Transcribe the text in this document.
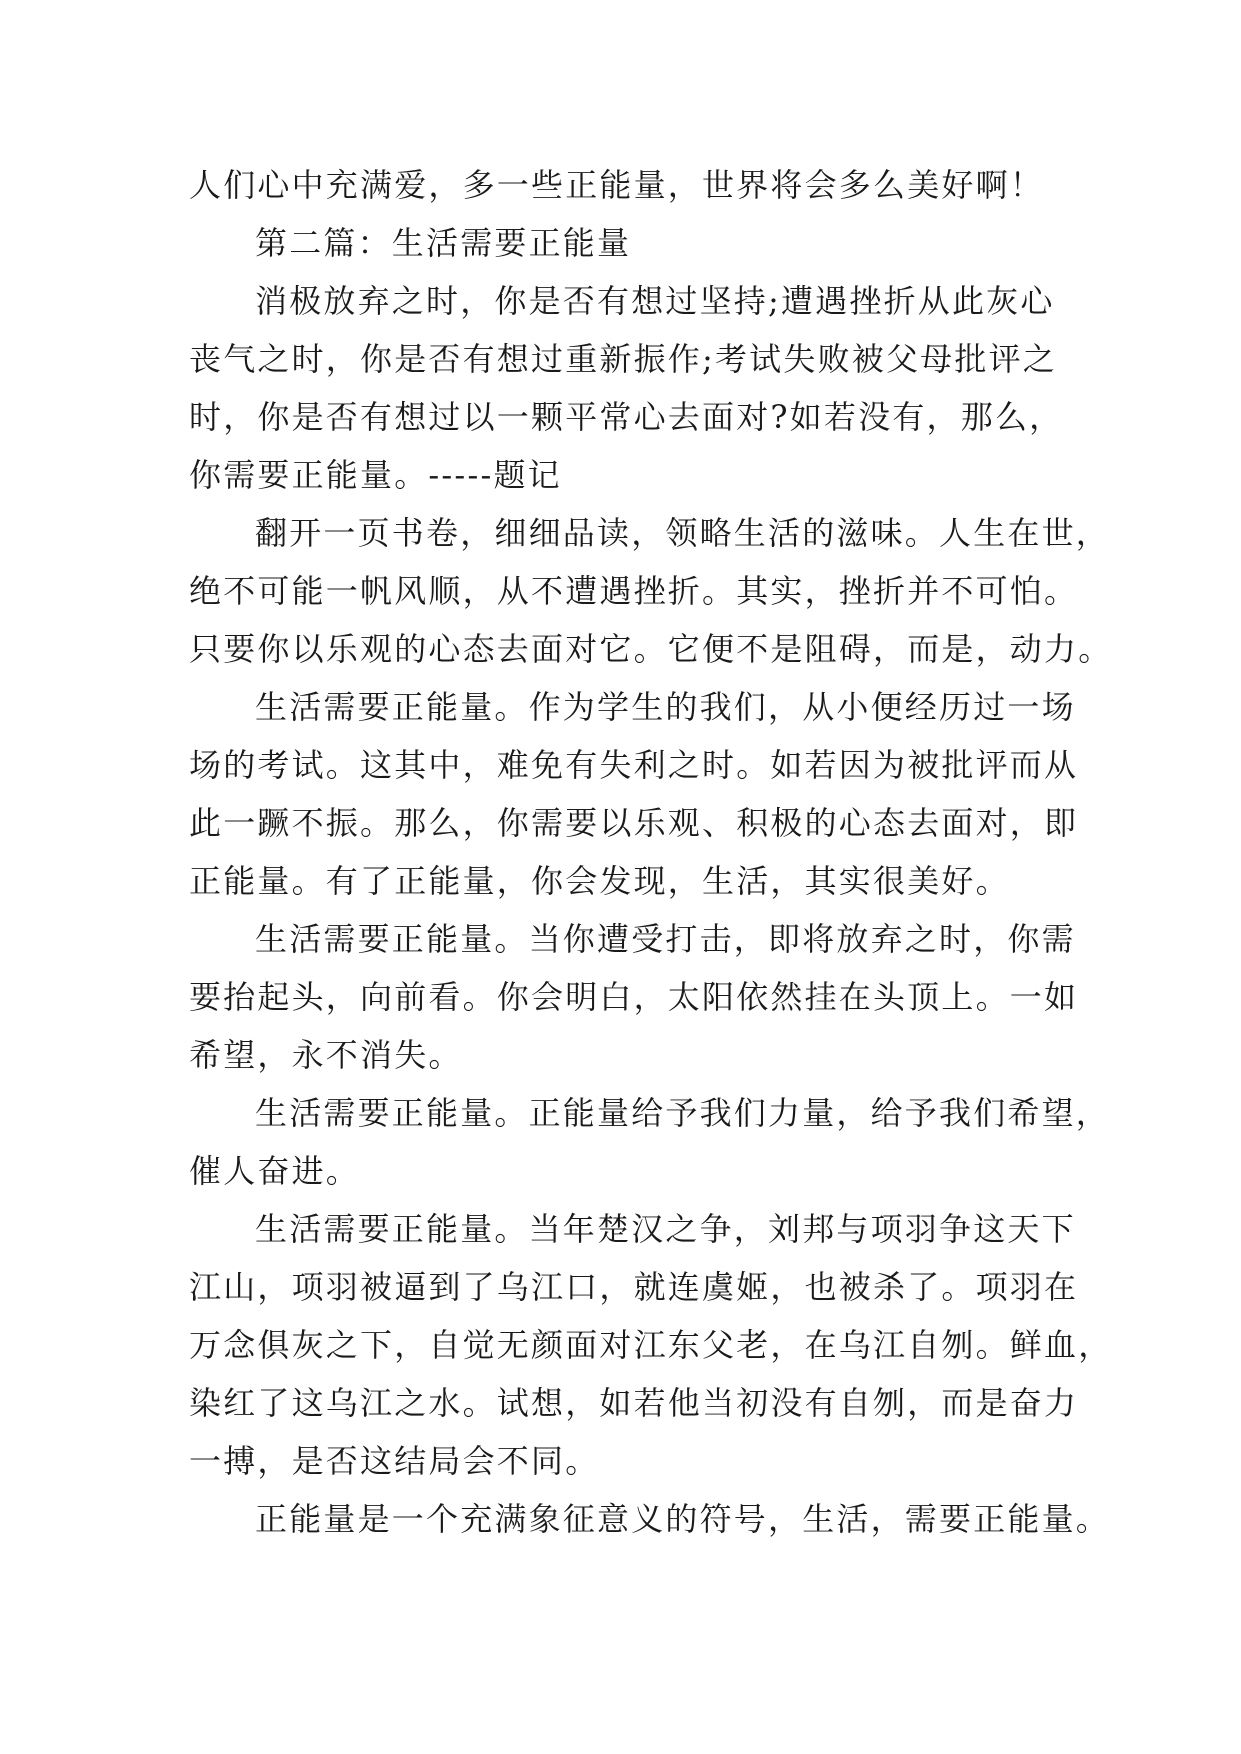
人们心中充满爱，多一些正能量，世界将会多么美好啊！
第二篇：生活需要正能量
消极放弃之时，你是否有想过坚持;遭遇挫折从此灰心
丧气之时，你是否有想过重新振作;考试失败被父母批评之
时，你是否有想过以一颗平常心去面对?如若没有，那么，
你需要正能量。-----题记
翻开一页书卷，细细品读，领略生活的滋味。人生在世，
绝不可能一帆风顺，从不遭遇挫折。其实，挫折并不可怕。
只要你以乐观的心态去面对它。它便不是阻碍，而是，动力。
生活需要正能量。作为学生的我们，从小便经历过一场
场的考试。这其中，难免有失利之时。如若因为被批评而从
此一蹶不振。那么，你需要以乐观、积极的心态去面对，即
正能量。有了正能量，你会发现，生活，其实很美好。
生活需要正能量。当你遭受打击，即将放弃之时，你需
要抬起头，向前看。你会明白，太阳依然挂在头顶上。一如
希望，永不消失。
生活需要正能量。正能量给予我们力量，给予我们希望，
催人奋进。
生活需要正能量。当年楚汉之争，刘邦与项羽争这天下
江山，项羽被逼到了乌江口，就连虞姬，也被杀了。项羽在
万念俱灰之下，自觉无颜面对江东父老，在乌江自刎。鲜血，
染红了这乌江之水。试想，如若他当初没有自刎，而是奋力
一搏，是否这结局会不同。
正能量是一个充满象征意义的符号，生活，需要正能量。
